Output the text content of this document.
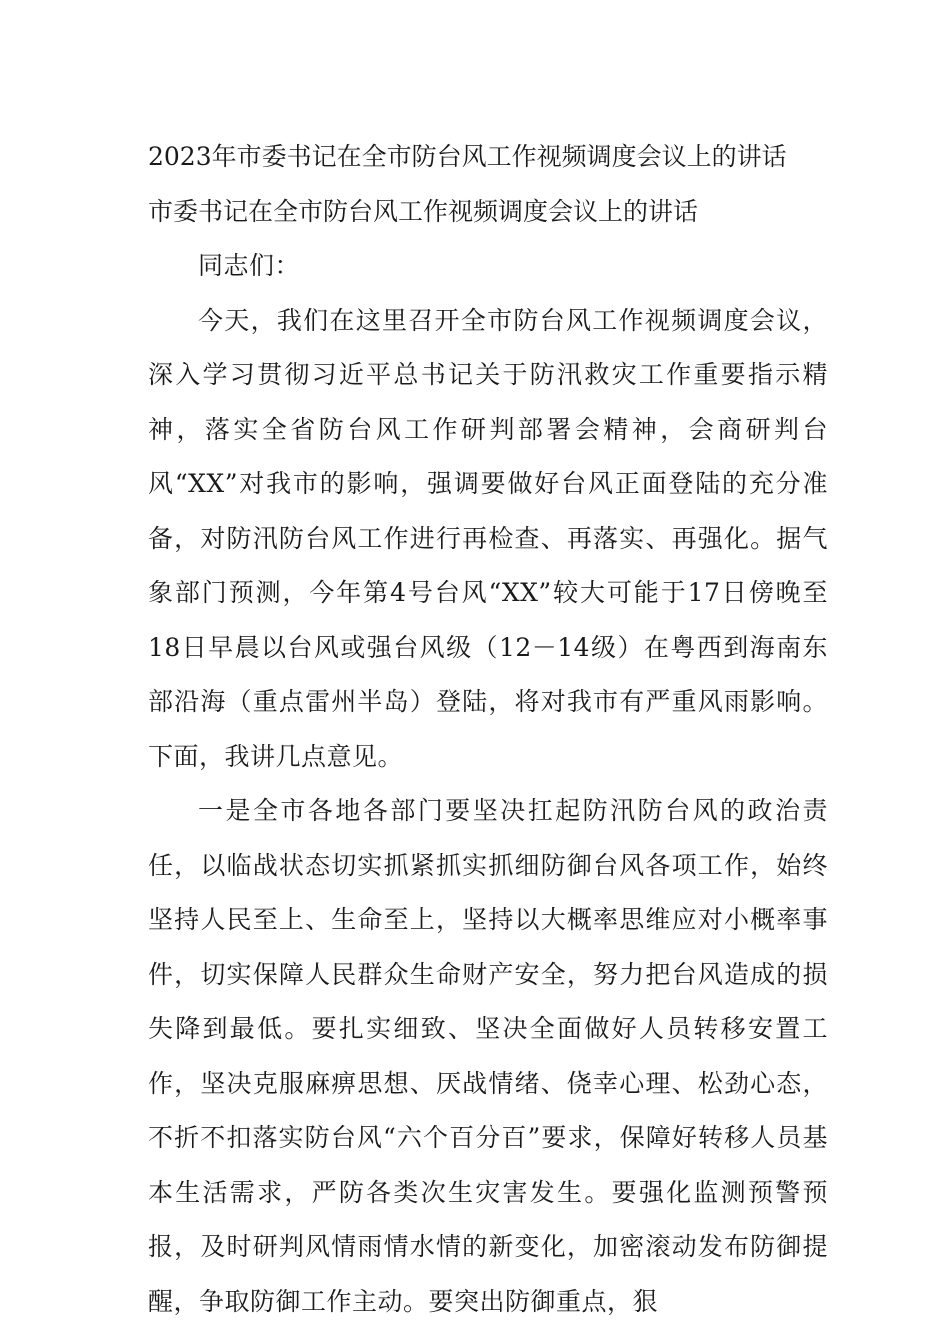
2023年市委书记在全市防台风工作视频调度会议上的讲话

市委书记在全市防台风工作视频调度会议上的讲话

同志们：

今天，我们在这里召开全市防台风工作视频调度会议，深入学习贯彻习近平总书记关于防汛救灾工作重要指示精神，落实全省防台风工作研判部署会精神，会商研判台风“XX”对我市的影响，强调要做好台风正面登陆的充分准备，对防汛防台风工作进行再检查、再落实、再强化。据气象部门预测，今年第4号台风“XX”较大可能于17日傍晚至18日早晨以台风或强台风级（12－14级）在粤西到海南东部沿海（重点雷州半岛）登陆，将对我市有严重风雨影响。下面，我讲几点意见。

一是全市各地各部门要坚决扛起防汛防台风的政治责任，以临战状态切实抓紧抓实抓细防御台风各项工作，始终坚持人民至上、生命至上，坚持以大概率思维应对小概率事件，切实保障人民群众生命财产安全，努力把台风造成的损失降到最低。要扎实细致、坚决全面做好人员转移安置工作，坚决克服麻痹思想、厌战情绪、侥幸心理、松劲心态，不折不扣落实防台风“六个百分百”要求，保障好转移人员基本生活需求，严防各类次生灾害发生。要强化监测预警预报，及时研判风情雨情水情的新变化，加密滚动发布防御提醒，争取防御工作主动。要突出防御重点，狠
